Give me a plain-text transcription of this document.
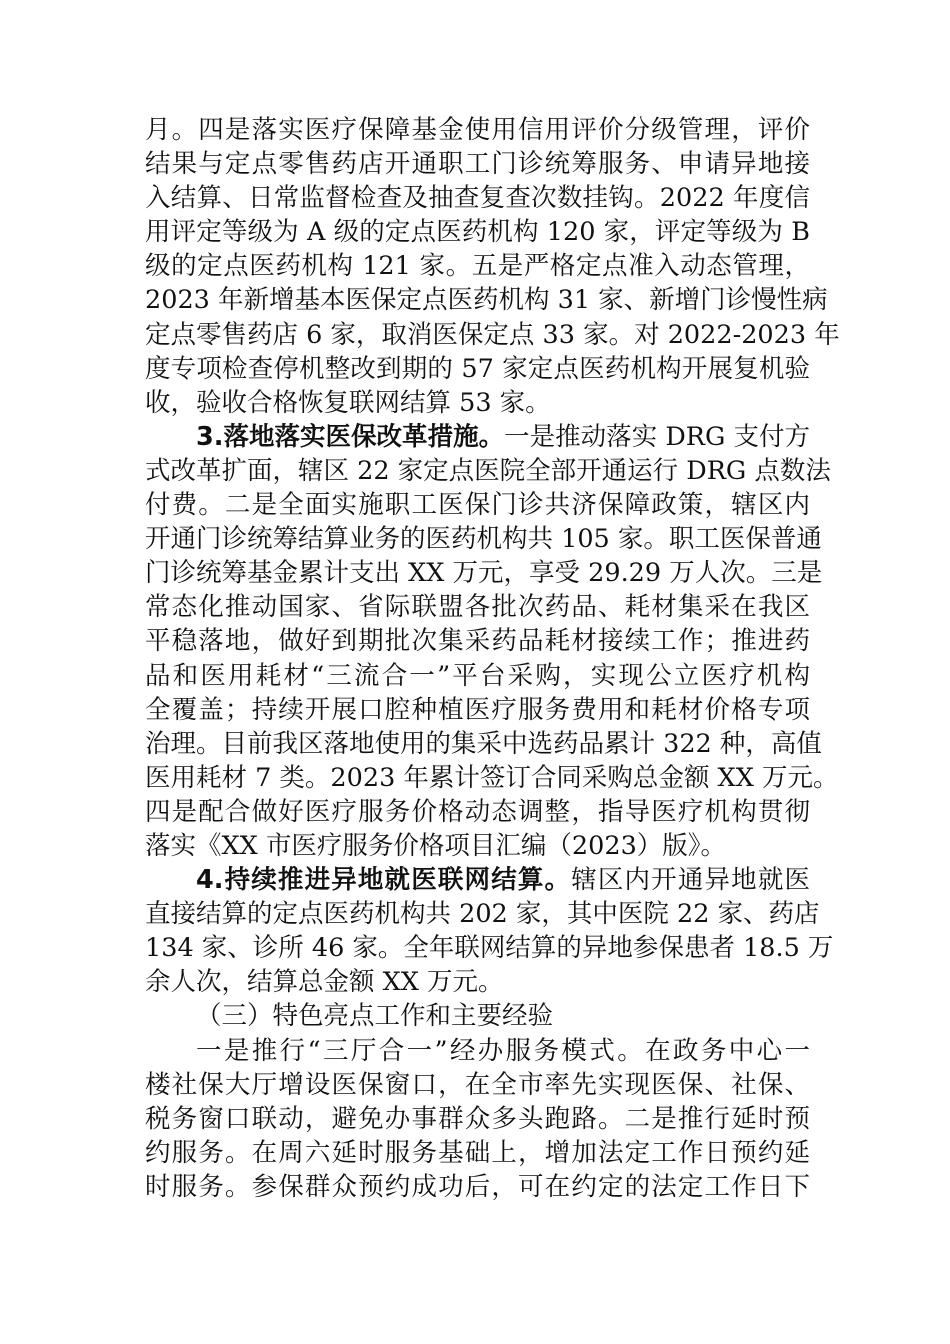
月。四是落实医疗保障基金使用信用评价分级管理，评价
结果与定点零售药店开通职工门诊统筹服务、申请异地接
入结算、日常监督检查及抽查复查次数挂钩。2022 年度信
用评定等级为 A 级的定点医药机构 120 家，评定等级为 B
级的定点医药机构 121 家。五是严格定点准入动态管理，
2023 年新增基本医保定点医药机构 31 家、新增门诊慢性病
定点零售药店 6 家，取消医保定点 33 家。对 2022-2023 年
度专项检查停机整改到期的 57 家定点医药机构开展复机验
收，验收合格恢复联网结算 53 家。
3.落地落实医保改革措施。一是推动落实 DRG 支付方
式改革扩面，辖区 22 家定点医院全部开通运行 DRG 点数法
付费。二是全面实施职工医保门诊共济保障政策，辖区内
开通门诊统筹结算业务的医药机构共 105 家。职工医保普通
门诊统筹基金累计支出 XX 万元，享受 29.29 万人次。三是
常态化推动国家、省际联盟各批次药品、耗材集采在我区
平稳落地，做好到期批次集采药品耗材接续工作；推进药
品和医用耗材“三流合一”平台采购，实现公立医疗机构
全覆盖；持续开展口腔种植医疗服务费用和耗材价格专项
治理。目前我区落地使用的集采中选药品累计 322 种，高值
医用耗材 7 类。2023 年累计签订合同采购总金额 XX 万元。
四是配合做好医疗服务价格动态调整，指导医疗机构贯彻
落实《XX 市医疗服务价格项目汇编（2023）版》。
4.持续推进异地就医联网结算。辖区内开通异地就医
直接结算的定点医药机构共 202 家，其中医院 22 家、药店
134 家、诊所 46 家。全年联网结算的异地参保患者 18.5 万
余人次，结算总金额 XX 万元。
（三）特色亮点工作和主要经验
一是推行“三厅合一”经办服务模式。在政务中心一
楼社保大厅增设医保窗口，在全市率先实现医保、社保、
税务窗口联动，避免办事群众多头跑路。二是推行延时预
约服务。在周六延时服务基础上，增加法定工作日预约延
时服务。参保群众预约成功后，可在约定的法定工作日下
